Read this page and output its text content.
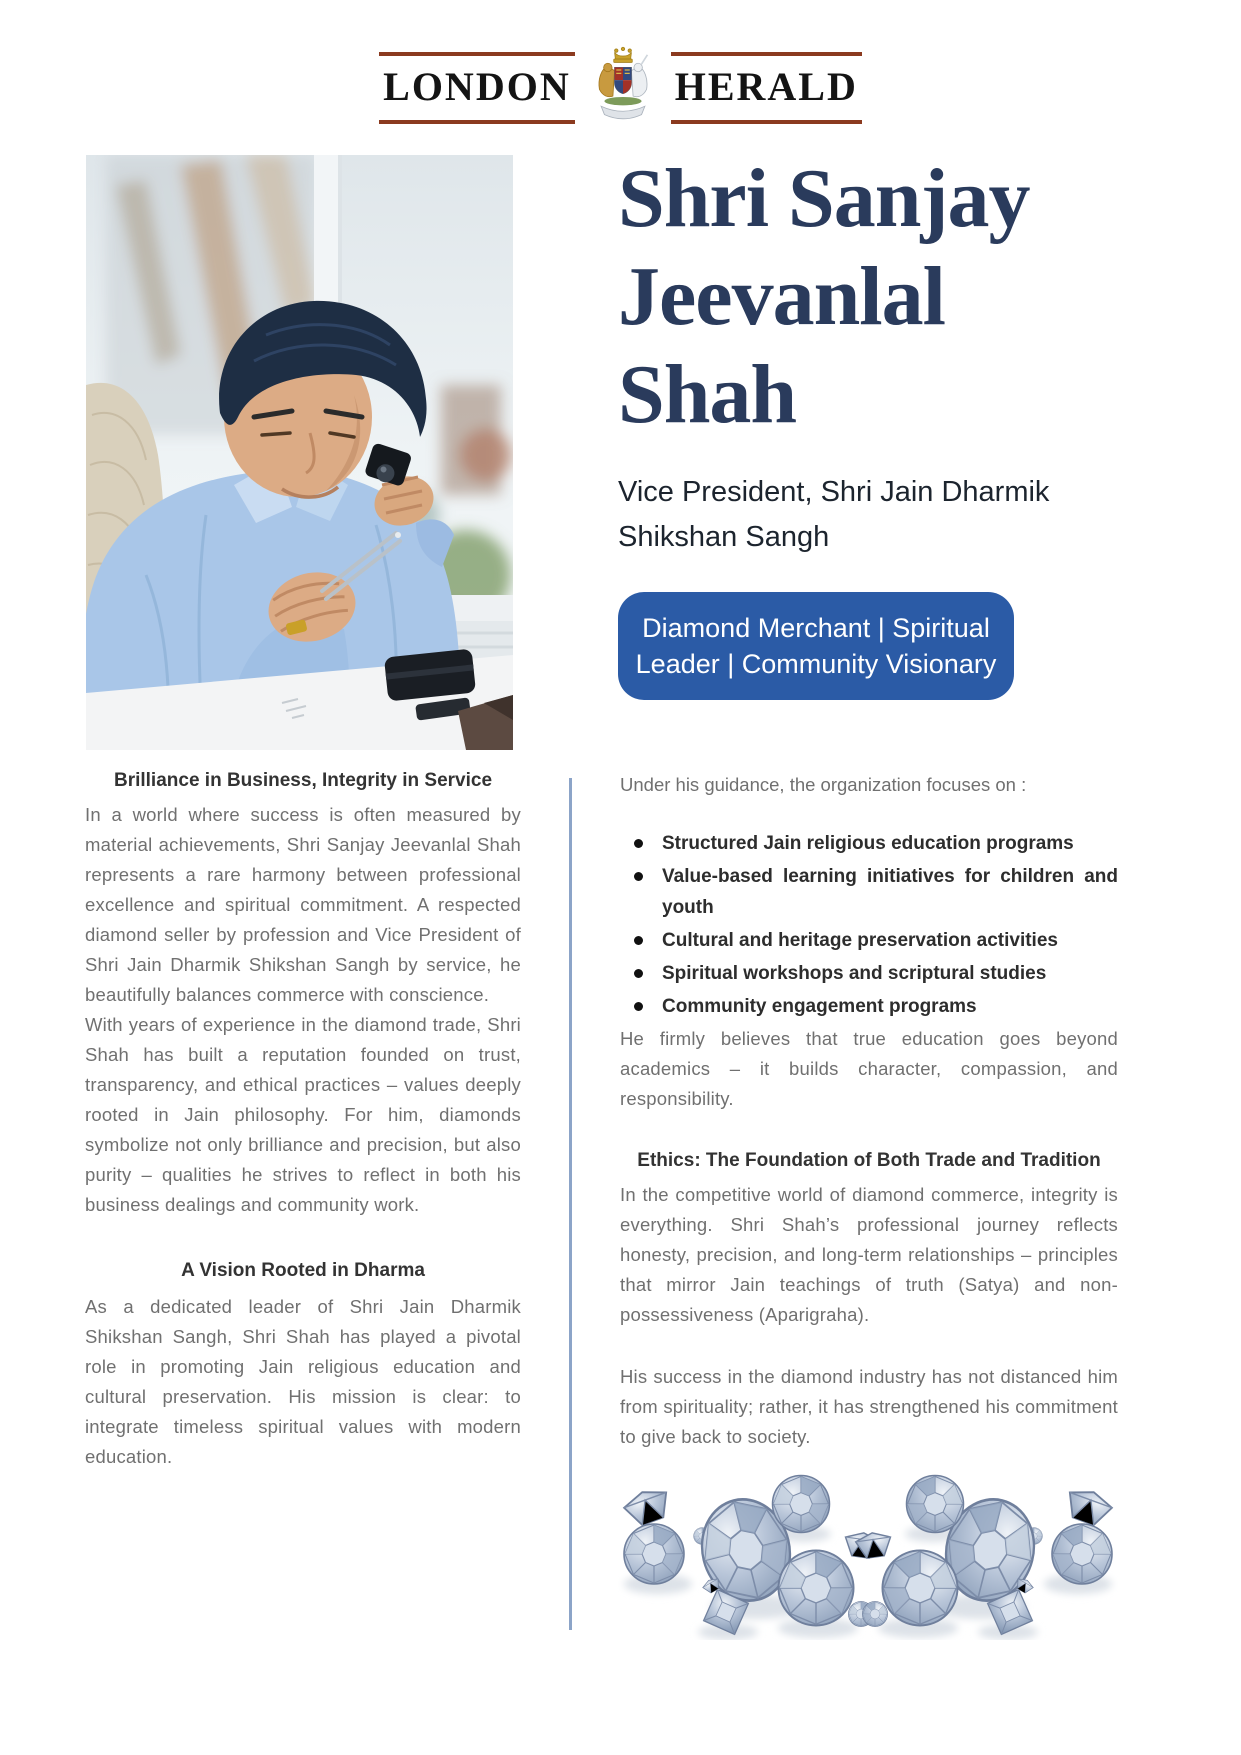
LONDON	HERALD
Shri Sanjay
Jeevanlal
Shah
Vice President, Shri Jain Dharmik Shikshan Sangh
Diamond Merchant | Spiritual Leader | Community Visionary
Brilliance in Business, Integrity in Service

In a world where success is often measured by material achievements, Shri Sanjay Jeevanlal Shah represents a rare harmony between professional excellence and spiritual commitment. A respected diamond seller by profession and Vice President of Shri Jain Dharmik Shikshan Sangh by service, he beautifully balances commerce with conscience.

With years of experience in the diamond trade, Shri Shah has built a reputation founded on trust, transparency, and ethical practices – values deeply rooted in Jain philosophy. For him, diamonds symbolize not only brilliance and precision, but also purity – qualities he strives to reflect in both his business dealings and community work.

A Vision Rooted in Dharma

As a dedicated leader of Shri Jain Dharmik Shikshan Sangh, Shri Shah has played a pivotal role in promoting Jain religious education and cultural preservation. His mission is clear: to integrate timeless spiritual values with modern education.

Under his guidance, the organization focuses on :

Structured Jain religious education programs
Value-based learning initiatives for children and youth
Cultural and heritage preservation activities
Spiritual workshops and scriptural studies
Community engagement programs

He firmly believes that true education goes beyond academics – it builds character, compassion, and responsibility.

Ethics: The Foundation of Both Trade and Tradition

In the competitive world of diamond commerce, integrity is everything. Shri Shah’s professional journey reflects honesty, precision, and long-term relationships – principles that mirror Jain teachings of truth (Satya) and non-possessiveness (Aparigraha).

His success in the diamond industry has not distanced him from spirituality; rather, it has strengthened his commitment to give back to society.
